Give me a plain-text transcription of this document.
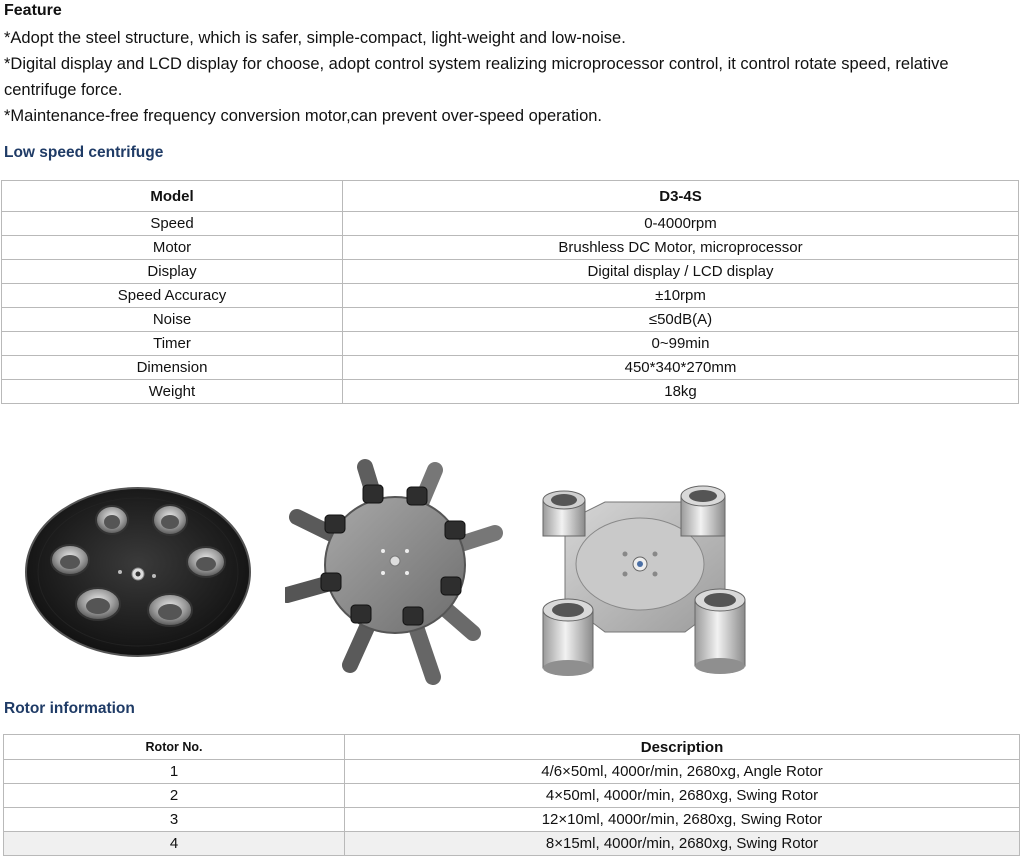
Feature
*Adopt the steel structure, which is safer, simple-compact, light-weight and low-noise.
*Digital display and LCD display for choose, adopt control system realizing microprocessor control, it control rotate speed, relative
centrifuge force.
*Maintenance-free frequency conversion motor,can prevent over-speed operation.
Low speed centrifuge
Model	D3-4S
Speed	0-4000rpm
Motor	Brushless DC Motor, microprocessor
Display	Digital display / LCD display
Speed Accuracy	±10rpm
Noise	≤50dB(A)
Timer	0~99min
Dimension	450*340*270mm
Weight	18kg
Rotor information
Rotor No.	Description
1	4/6×50ml, 4000r/min, 2680xg, Angle Rotor
2	4×50ml, 4000r/min, 2680xg, Swing Rotor
3	12×10ml, 4000r/min, 2680xg, Swing Rotor
4	8×15ml, 4000r/min, 2680xg, Swing Rotor
